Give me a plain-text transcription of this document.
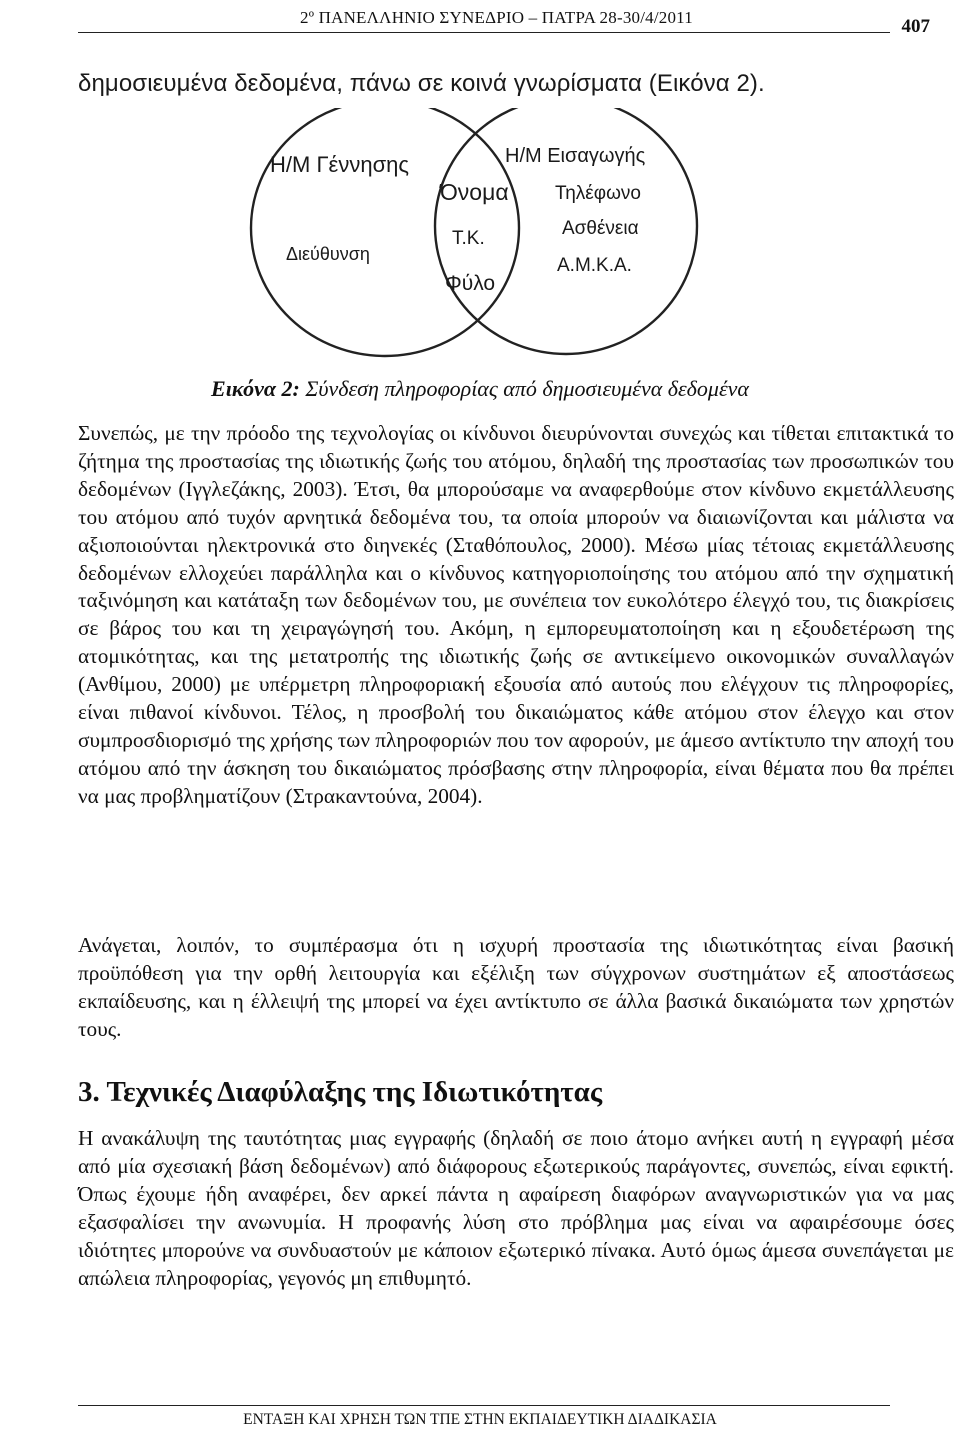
2º ΠΑΝΕΛΛΗΝΙΟ ΣΥΝΕΔΡΙΟ – ΠΑΤΡΑ 28-30/4/2011	407
δημοσιευμένα δεδομένα, πάνω σε κοινά γνωρίσματα (Εικόνα 2).
Η/Μ Γέννησης
Διεύθυνση
Η/Μ Εισαγωγής
Τηλέφωνο
Ασθένεια
Α.Μ.Κ.Α.
Όνομα
Τ.Κ.
Φύλο
Εικόνα 2: Σύνδεση πληροφορίας από δημοσιευμένα δεδομένα

Συνεπώς, με την πρόοδο της τεχνολογίας οι κίνδυνοι διευρύνονται συνεχώς και τίθεται επιτακτικά το ζήτημα της προστασίας της ιδιωτικής ζωής του ατόμου, δηλαδή της προστασίας των προσωπικών του δεδομένων (Ιγγλεζάκης, 2003). Έτσι, θα μπορούσαμε να αναφερθούμε στον κίνδυνο εκμετάλλευσης του ατόμου από τυχόν αρνητικά δεδομένα του, τα οποία μπορούν να διαιωνίζονται και μάλιστα να αξιοποιούνται ηλεκτρονικά στο διηνεκές (Σταθόπουλος, 2000). Μέσω μίας τέτοιας εκμετάλλευσης δεδομένων ελλοχεύει παράλληλα και ο κίνδυνος κατηγοριοποίησης του ατόμου από την σχηματική ταξινόμηση και κατάταξη των δεδομένων του, με συνέπεια τον ευκολότερο έλεγχό του, τις διακρίσεις σε βάρος του και τη χειραγώγησή του. Ακόμη, η εμπορευματοποίηση και η εξουδετέρωση της ατομικότητας, και της μετατροπής της ιδιωτικής ζωής σε αντικείμενο οικονομικών συναλλαγών (Ανθίμου, 2000) με υπέρμετρη πληροφοριακή εξουσία από αυτούς που ελέγχουν τις πληροφορίες, είναι πιθανοί κίνδυνοι. Τέλος, η προσβολή του δικαιώματος κάθε ατόμου στον έλεγχο και στον συμπροσδιορισμό της χρήσης των πληροφοριών που τον αφορούν, με άμεσο αντίκτυπο την αποχή του ατόμου από την άσκηση του δικαιώματος πρόσβασης στην πληροφορία, είναι θέματα που θα πρέπει να μας προβληματίζουν (Στρακαντούνα, 2004).

Ανάγεται, λοιπόν, το συμπέρασμα ότι η ισχυρή προστασία της ιδιωτικότητας είναι βασική προϋπόθεση για την ορθή λειτουργία και εξέλιξη των σύγχρονων συστημάτων εξ αποστάσεως εκπαίδευσης, και η έλλειψή της μπορεί να έχει αντίκτυπο σε άλλα βασικά δικαιώματα των χρηστών τους.

3. Τεχνικές Διαφύλαξης της Ιδιωτικότητας

Η ανακάλυψη της ταυτότητας μιας εγγραφής (δηλαδή σε ποιο άτομο ανήκει αυτή η εγγραφή μέσα από μία σχεσιακή βάση δεδομένων) από διάφορους εξωτερικούς παράγοντες, συνεπώς, είναι εφικτή. Όπως έχουμε ήδη αναφέρει, δεν αρκεί πάντα η αφαίρεση διαφόρων αναγνωριστικών για να μας εξασφαλίσει την ανωνυμία. Η προφανής λύση στο πρόβλημα μας είναι να αφαιρέσουμε όσες ιδιότητες μπορούνε να συνδυαστούν με κάποιον εξωτερικό πίνακα. Αυτό όμως άμεσα συνεπάγεται με απώλεια πληροφορίας, γεγονός μη επιθυμητό.

ΕΝΤΑΞΗ ΚΑΙ ΧΡΗΣΗ ΤΩΝ ΤΠΕ ΣΤΗΝ ΕΚΠΑΙΔΕΥΤΙΚΗ ΔΙΑΔΙΚΑΣΙΑ
